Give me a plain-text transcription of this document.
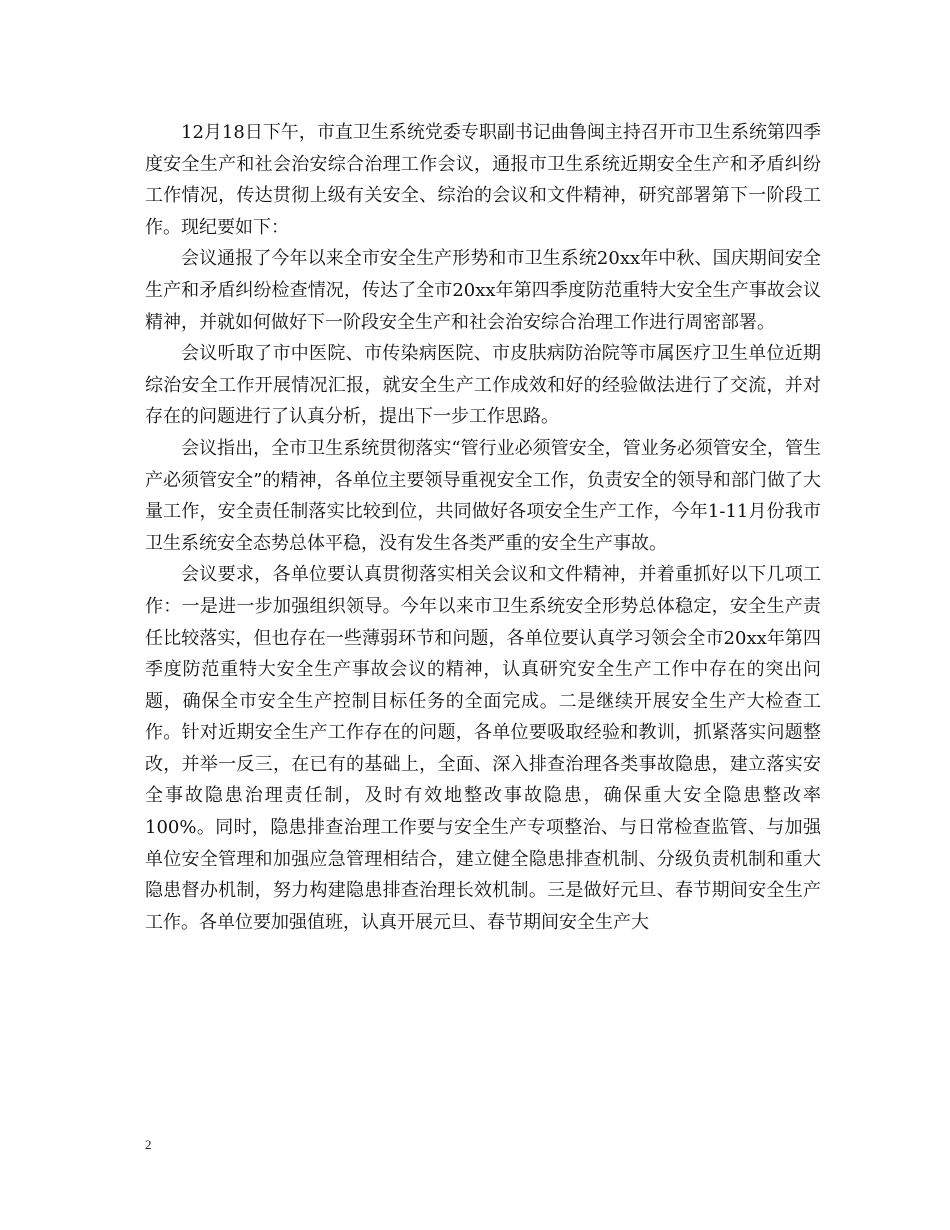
12月18日下午，市直卫生系统党委专职副书记曲鲁闽主持召开市卫生系统第四季度安全生产和社会治安综合治理工作会议，通报市卫生系统近期安全生产和矛盾纠纷工作情况，传达贯彻上级有关安全、综治的会议和文件精神，研究部署第下一阶段工作。现纪要如下：

会议通报了今年以来全市安全生产形势和市卫生系统20xx年中秋、国庆期间安全生产和矛盾纠纷检查情况，传达了全市20xx年第四季度防范重特大安全生产事故会议精神，并就如何做好下一阶段安全生产和社会治安综合治理工作进行周密部署。

会议听取了市中医院、市传染病医院、市皮肤病防治院等市属医疗卫生单位近期综治安全工作开展情况汇报，就安全生产工作成效和好的经验做法进行了交流，并对存在的问题进行了认真分析，提出下一步工作思路。

会议指出，全市卫生系统贯彻落实“管行业必须管安全，管业务必须管安全，管生产必须管安全”的精神，各单位主要领导重视安全工作，负责安全的领导和部门做了大量工作，安全责任制落实比较到位，共同做好各项安全生产工作，今年1-11月份我市卫生系统安全态势总体平稳，没有发生各类严重的安全生产事故。

会议要求，各单位要认真贯彻落实相关会议和文件精神，并着重抓好以下几项工作：一是进一步加强组织领导。今年以来市卫生系统安全形势总体稳定，安全生产责任比较落实，但也存在一些薄弱环节和问题，各单位要认真学习领会全市20xx年第四季度防范重特大安全生产事故会议的精神，认真研究安全生产工作中存在的突出问题，确保全市安全生产控制目标任务的全面完成。二是继续开展安全生产大检查工作。针对近期安全生产工作存在的问题，各单位要吸取经验和教训，抓紧落实问题整改，并举一反三，在已有的基础上，全面、深入排查治理各类事故隐患，建立落实安全事故隐患治理责任制，及时有效地整改事故隐患，确保重大安全隐患整改率100%。同时，隐患排查治理工作要与安全生产专项整治、与日常检查监管、与加强单位安全管理和加强应急管理相结合，建立健全隐患排查机制、分级负责机制和重大隐患督办机制，努力构建隐患排查治理长效机制。三是做好元旦、春节期间安全生产工作。各单位要加强值班，认真开展元旦、春节期间安全生产大

2
